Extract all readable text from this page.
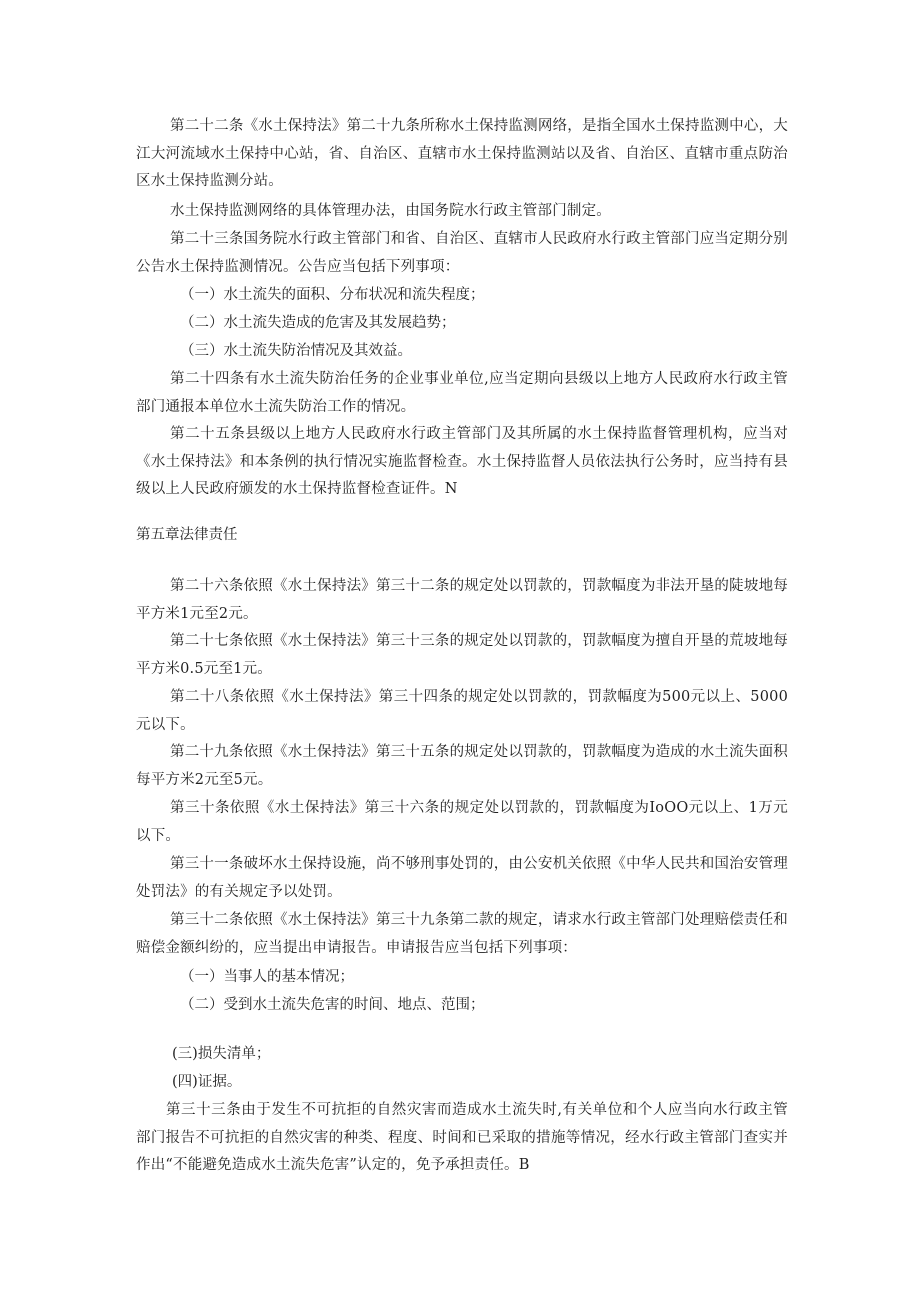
第二十二条《水土保持法》第二十九条所称水土保持监测网络，是指全国水土保持监测中心，大江大河流域水土保持中心站，省、自治区、直辖市水土保持监测站以及省、自治区、直辖市重点防治区水土保持监测分站。

水土保持监测网络的具体管理办法，由国务院水行政主管部门制定。

第二十三条国务院水行政主管部门和省、自治区、直辖市人民政府水行政主管部门应当定期分别公告水土保持监测情况。公告应当包括下列事项：

（一）水土流失的面积、分布状况和流失程度；

（二）水土流失造成的危害及其发展趋势；

（三）水土流失防治情况及其效益。

第二十四条有水土流失防治任务的企业事业单位,应当定期向县级以上地方人民政府水行政主管部门通报本单位水土流失防治工作的情况。

第二十五条县级以上地方人民政府水行政主管部门及其所属的水土保持监督管理机构，应当对《水土保持法》和本条例的执行情况实施监督检查。水土保持监督人员依法执行公务时，应当持有县级以上人民政府颁发的水土保持监督检查证件。N

第五章法律责任

第二十六条依照《水土保持法》第三十二条的规定处以罚款的，罚款幅度为非法开垦的陡坡地每平方米1元至2元。

第二十七条依照《水土保持法》第三十三条的规定处以罚款的，罚款幅度为擅自开垦的荒坡地每平方米0.5元至1元。

第二十八条依照《水土保持法》第三十四条的规定处以罚款的，罚款幅度为500元以上、5000元以下。

第二十九条依照《水土保持法》第三十五条的规定处以罚款的，罚款幅度为造成的水土流失面积每平方米2元至5元。

第三十条依照《水土保持法》第三十六条的规定处以罚款的，罚款幅度为IoOO元以上、1万元以下。

第三十一条破坏水土保持设施，尚不够刑事处罚的，由公安机关依照《中华人民共和国治安管理处罚法》的有关规定予以处罚。

第三十二条依照《水土保持法》第三十九条第二款的规定，请求水行政主管部门处理赔偿责任和赔偿金额纠纷的，应当提出申请报告。申请报告应当包括下列事项：

（一）当事人的基本情况；

（二）受到水土流失危害的时间、地点、范围；

(三)损失清单；

(四)证据。

第三十三条由于发生不可抗拒的自然灾害而造成水土流失时,有关单位和个人应当向水行政主管部门报告不可抗拒的自然灾害的种类、程度、时间和已采取的措施等情况，经水行政主管部门查实并作出“不能避免造成水土流失危害”认定的，免予承担责任。B
